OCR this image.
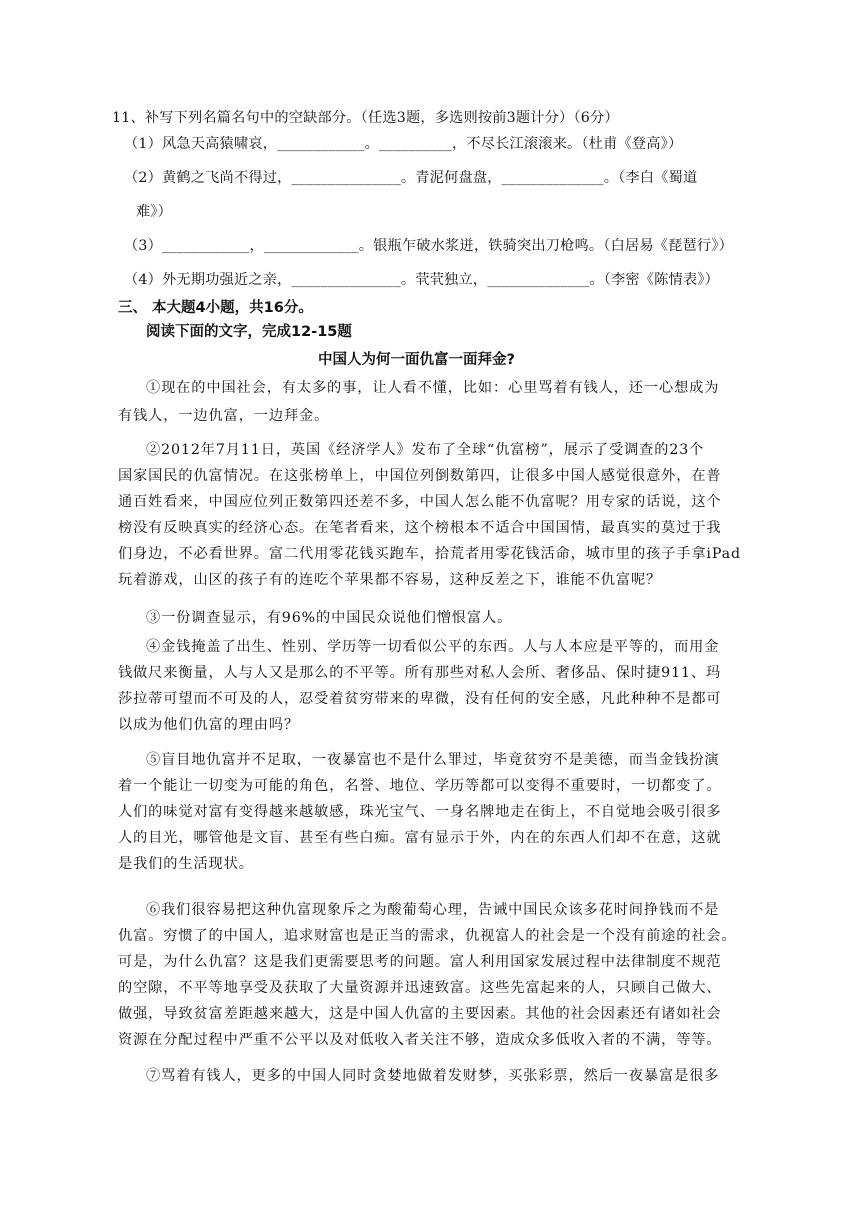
11、补写下列名篇名句中的空缺部分。（任选3题，多选则按前3题计分）（6分）
（1）风急天高猿啸哀，____________。__________，不尽长江滚滚来。（杜甫《登高》）
（2）黄鹤之飞尚不得过，_______________。青泥何盘盘，______________。（李白《蜀道
难》）
（3）____________，_____________。银瓶乍破水浆迸，铁骑突出刀枪鸣。（白居易《琵琶行》）
（4）外无期功强近之亲，_______________。茕茕独立，______________。（李密《陈情表》）
三、 本大题4小题，共16分。
阅读下面的文字，完成12-15题
中国人为何一面仇富一面拜金?
①现在的中国社会，有太多的事，让人看不懂，比如：心里骂着有钱人，还一心想成为
有钱人，一边仇富，一边拜金。
②2012年7月11日，英国《经济学人》发布了全球“仇富榜”，展示了受调查的23个
国家国民的仇富情况。在这张榜单上，中国位列倒数第四，让很多中国人感觉很意外，在普
通百姓看来，中国应位列正数第四还差不多，中国人怎么能不仇富呢？用专家的话说，这个
榜没有反映真实的经济心态。在笔者看来，这个榜根本不适合中国国情，最真实的莫过于我
们身边，不必看世界。富二代用零花钱买跑车，拾荒者用零花钱活命，城市里的孩子手拿iPad
玩着游戏，山区的孩子有的连吃个苹果都不容易，这种反差之下，谁能不仇富呢？
③一份调查显示，有96%的中国民众说他们憎恨富人。
④金钱掩盖了出生、性别、学历等一切看似公平的东西。人与人本应是平等的，而用金
钱做尺来衡量，人与人又是那么的不平等。所有那些对私人会所、奢侈品、保时捷911、玛
莎拉蒂可望而不可及的人，忍受着贫穷带来的卑微，没有任何的安全感，凡此种种不是都可
以成为他们仇富的理由吗？
⑤盲目地仇富并不足取，一夜暴富也不是什么罪过，毕竟贫穷不是美德，而当金钱扮演
着一个能让一切变为可能的角色，名誉、地位、学历等都可以变得不重要时，一切都变了。
人们的味觉对富有变得越来越敏感，珠光宝气、一身名牌地走在街上，不自觉地会吸引很多
人的目光，哪管他是文盲、甚至有些白痴。富有显示于外，内在的东西人们却不在意，这就
是我们的生活现状。
⑥我们很容易把这种仇富现象斥之为酸葡萄心理，告诫中国民众该多花时间挣钱而不是
仇富。穷惯了的中国人，追求财富也是正当的需求，仇视富人的社会是一个没有前途的社会。
可是，为什么仇富？这是我们更需要思考的问题。富人利用国家发展过程中法律制度不规范
的空隙，不平等地享受及获取了大量资源并迅速致富。这些先富起来的人，只顾自己做大、
做强，导致贫富差距越来越大，这是中国人仇富的主要因素。其他的社会因素还有诸如社会
资源在分配过程中严重不公平以及对低收入者关注不够，造成众多低收入者的不满，等等。
⑦骂着有钱人，更多的中国人同时贪婪地做着发财梦，买张彩票，然后一夜暴富是很多
